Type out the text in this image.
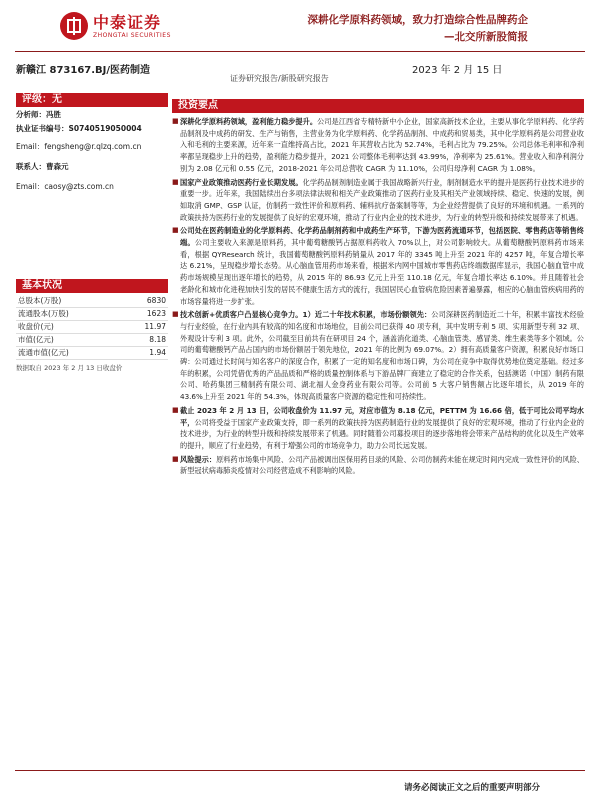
中泰证券
ZHONGTAI SECURITIES
深耕化学原料药领域，致力打造综合性品牌药企
—北交所新股简报
新赣江 873167.BJ/医药制造	2023 年 2 月 15 日
证券研究报告/新股研究报告
评级：无
分析师：冯胜
执业证书编号：S0740519050004
Email：fengsheng@r.qlzq.com.cn
联系人：曹森元
Email：caosy@zts.com.cn
基本状况
总股本(万股)	6830
流通股本(万股)	1623
收盘价(元)	11.97
市值(亿元)	8.18
流通市值(亿元)	1.94
数据取自 2023 年 2 月 13 日收盘价
投资要点
■ 深耕化学原料药领域，盈利能力稳步提升。公司是江西省专精特新中小企业，国家高新技术企业，主要从事化学原料药、化学药品制剂及中成药的研发、生产与销售，主营业务为化学原料药、化学药品制剂、中成药和贸易类，其中化学原料药是公司营业收入和毛利的主要来源，近年来一直维持高占比，2021 年其营收占比为 52.74%，毛利占比为 79.25%。公司总体毛利率和净利率都呈现稳步上升的趋势，盈利能力稳步提升，2021 公司整体毛利率达到 43.99%，净利率为 25.61%。营业收入和净利润分别为 2.08 亿元和 0.55 亿元，2018-2021 年公司总营收 CAGR 为 11.10%，公司归母净利 CAGR 为 1.08%。
■ 国家产业政策推动医药行业长期发展。化学药品制剂制造业属于我国战略新兴行业，制剂制造水平的提升是医药行业技术进步的重要一步。近年来，我国陆续出台多项法律法规和相关产业政策推动了医药行业及其相关产业领域持续、稳定、快速的发展，例如取消 GMP、GSP 认证，仿制药一致性评价和原料药、辅料抗疗备案制等等，为企业经营提供了良好的环境和机遇。一系列的政策扶持为医药行业的发展提供了良好的宏观环境，推动了行业内企业的技术进步，为行业的转型升级和持续发展带来了机遇。
■ 公司处在医药制造业的化学原料药、化学药品制剂药和中成药生产环节，下游为医药流通环节，包括医院、零售药店等销售终端。公司主要收入来源是原料药，其中葡萄糖酸钙占据原料药收入 70%以上，对公司影响较大。从葡萄糖酸钙原料药市场来看，根据 QYResearch 统计，我国葡萄糖酸钙原料药销量从 2017 年的 3345 吨上升至 2021 年的 4257 吨，年复合增长率达 6.21%，呈现稳步增长态势。从心脑血管用药市场来看，根据米内网中国城市零售药店终端数据库显示，我国心脑血管中成药市场规模呈现出逐年增长的趋势，从 2015 年的 86.93 亿元上升至 110.18 亿元，年复合增长率达 6.10%。并且随着社会老龄化和城市化进程加快引发的居民不健康生活方式的流行，我国居民心血管病危险因素普遍暴露，相应的心脑血管疾病用药的市场容量将进一步扩张。
■ 技术创新+优质客户凸显核心竞争力。1）近二十年技术积累，市场份额领先：公司深耕医药制造近二十年，积累丰富技术经验与行业经验，在行业内具有较高的知名度和市场地位，目前公司已获得 40 项专利，其中发明专利 5 项、实用新型专利 32 项、外观设计专利 3 项。此外，公司截至目前共有在研项目 24 个，涵盖消化道类、心脑血管类、感冒类、维生素类等多个领域。公司的葡萄糖酸钙产品占国内的市场份额居于领先地位，2021 年的比例为 69.07%。2）拥有高质量客户资源，积累良好市场口碑：公司通过长时间与知名客户的深度合作，积累了一定的知名度和市场口碑，为公司在竞争中取得优势地位奠定基础。经过多年的积累，公司凭借优秀的产品品质和严格的质量控制体系与下游品牌厂商建立了稳定的合作关系，包括澳诺（中国）制药有限公司、哈药集团三精制药有限公司、湖北福人金身药业有限公司等。公司前 5 大客户销售额占比逐年增长，从 2019 年的 43.6%上升至 2021 年的 54.3%，体现高质量客户资源的稳定性和可持续性。
■ 截止 2023 年 2 月 13 日，公司收盘价为 11.97 元，对应市值为 8.18 亿元，PETTM 为 16.66 倍，低于可比公司平均水平，公司将受益于国家产业政策支持，即一系列的政策扶持为医药制造行业的发展提供了良好的宏观环境，推动了行业内企业的技术进步，为行业的转型升级和持续发展带来了机遇。同时随着公司募投项目的逐步落地将会带来产品结构的优化以及生产效率的提升，顺应了行业趋势，有利于增强公司的市场竞争力，助力公司长远发展。
■ 风险提示：原料药市场集中风险、公司产品被调出医保用药目录的风险、公司仿制药未能在规定时间内完成一致性评价的风险、新型冠状病毒肺炎疫情对公司经营造成不利影响的风险。
请务必阅读正文之后的重要声明部分
